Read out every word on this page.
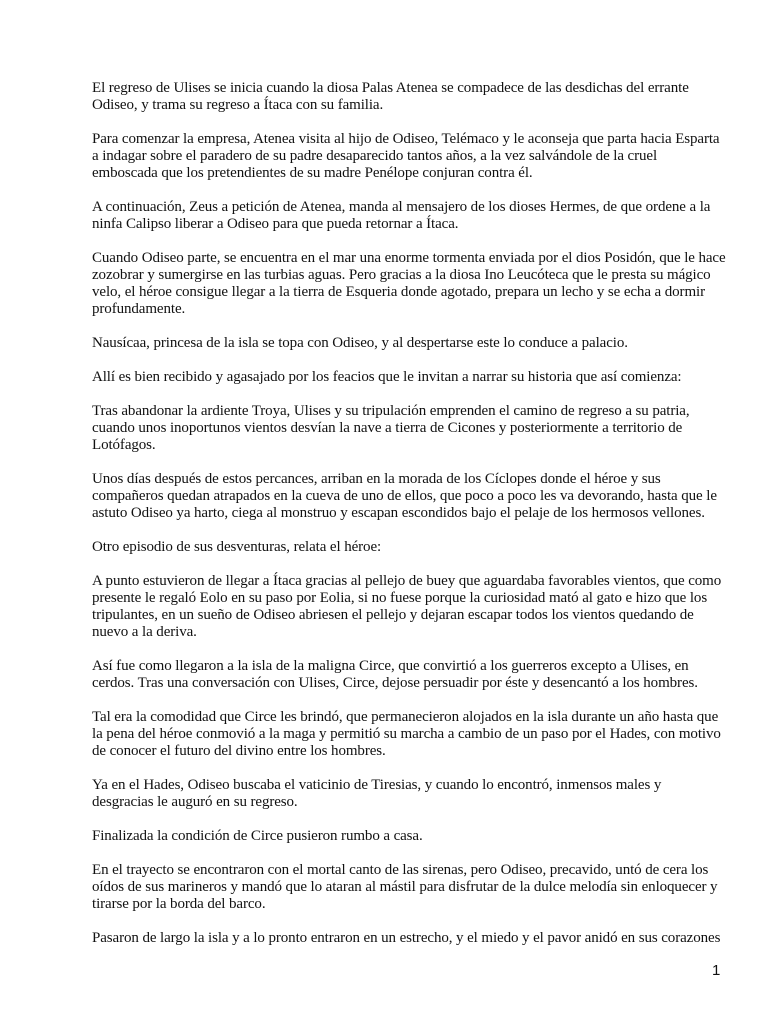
El regreso de Ulises se inicia cuando la diosa Palas Atenea se compadece de las desdichas del errante Odiseo, y trama su regreso a Ítaca con su familia.

Para comenzar la empresa, Atenea visita al hijo de Odiseo, Telémaco y le aconseja que parta hacia Esparta a indagar sobre el paradero de su padre desaparecido tantos años, a la vez salvándole de la cruel emboscada que los pretendientes de su madre Penélope conjuran contra él.

A continuación, Zeus a petición de Atenea, manda al mensajero de los dioses Hermes, de que ordene a la ninfa Calipso liberar a Odiseo para que pueda retornar a Ítaca.

Cuando Odiseo parte, se encuentra en el mar una enorme tormenta enviada por el dios Posidón, que le hace zozobrar y sumergirse en las turbias aguas. Pero gracias a la diosa Ino Leucóteca que le presta su mágico velo, el héroe consigue llegar a la tierra de Esqueria donde agotado, prepara un lecho y se echa a dormir profundamente.

Nausícaa, princesa de la isla se topa con Odiseo, y al despertarse este lo conduce a palacio.

Allí es bien recibido y agasajado por los feacios que le invitan a narrar su historia que así comienza:

Tras abandonar la ardiente Troya, Ulises y su tripulación emprenden el camino de regreso a su patria, cuando unos inoportunos vientos desvían la nave a tierra de Cicones y posteriormente a territorio de Lotófagos.

Unos días después de estos percances, arriban en la morada de los Cíclopes donde el héroe y sus compañeros quedan atrapados en la cueva de uno de ellos, que poco a poco les va devorando, hasta que le astuto Odiseo ya harto, ciega al monstruo y escapan escondidos bajo el pelaje de los hermosos vellones.

Otro episodio de sus desventuras, relata el héroe:

A punto estuvieron de llegar a Ítaca gracias al pellejo de buey que aguardaba favorables vientos, que como presente le regaló Eolo en su paso por Eolia, si no fuese porque la curiosidad mató al gato e hizo que los tripulantes, en un sueño de Odiseo abriesen el pellejo y dejaran escapar todos los vientos quedando de nuevo a la deriva.

Así fue como llegaron a la isla de la maligna Circe, que convirtió a los guerreros excepto a Ulises, en cerdos. Tras una conversación con Ulises, Circe, dejose persuadir por éste y desencantó a los hombres.

Tal era la comodidad que Circe les brindó, que permanecieron alojados en la isla durante un año hasta que la pena del héroe conmovió a la maga y permitió su marcha a cambio de un paso por el Hades, con motivo de conocer el futuro del divino entre los hombres.

Ya en el Hades, Odiseo buscaba el vaticinio de Tiresias, y cuando lo encontró, inmensos males y desgracias le auguró en su regreso.

Finalizada la condición de Circe pusieron rumbo a casa.

En el trayecto se encontraron con el mortal canto de las sirenas, pero Odiseo, precavido, untó de cera los oídos de sus marineros y mandó que lo ataran al mástil para disfrutar de la dulce melodía sin enloquecer y tirarse por la borda del barco.

Pasaron de largo la isla y a lo pronto entraron en un estrecho, y el miedo y el pavor anidó en sus corazones

1
